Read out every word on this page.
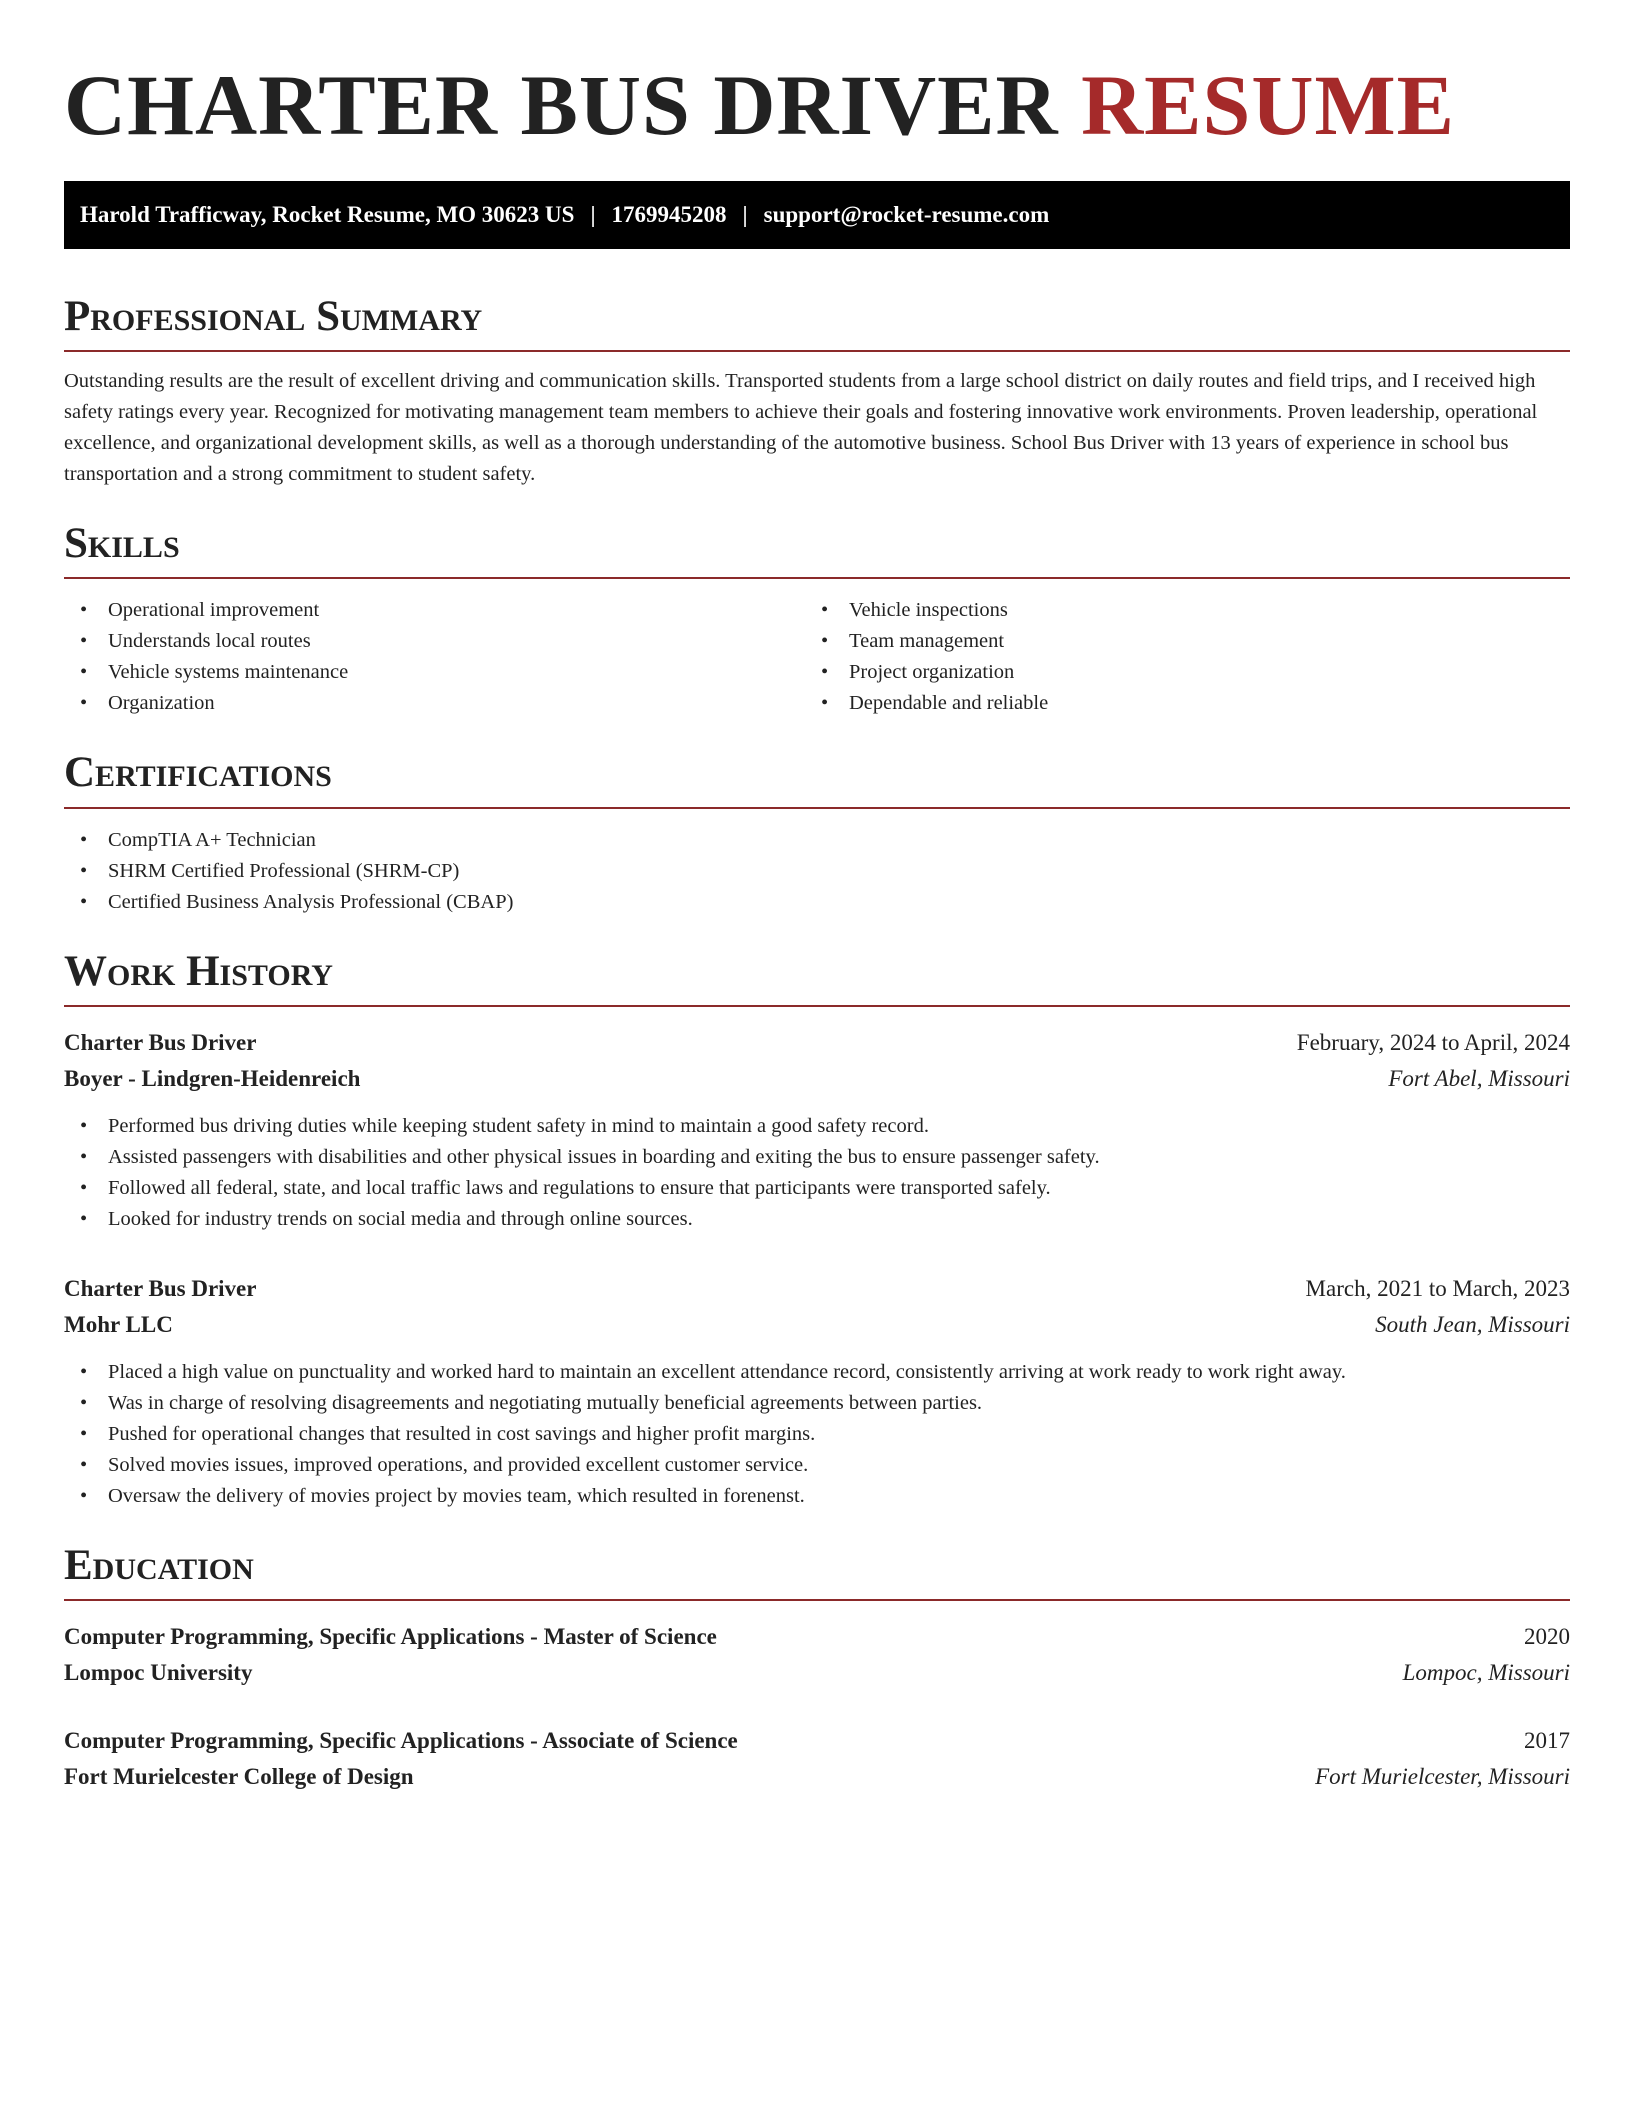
CHARTER BUS DRIVER RESUME
Harold Trafficway, Rocket Resume, MO 30623 US | 1769945208 | support@rocket-resume.com
Professional Summary

Outstanding results are the result of excellent driving and communication skills. Transported students from a large school district on daily routes and field trips, and I received high safety ratings every year. Recognized for motivating management team members to achieve their goals and fostering innovative work environments. Proven leadership, operational excellence, and organizational development skills, as well as a thorough understanding of the automotive business. School Bus Driver with 13 years of experience in school bus transportation and a strong commitment to student safety.

Skills
• Operational improvement
• Understands local routes
• Vehicle systems maintenance
• Organization
• Vehicle inspections
• Team management
• Project organization
• Dependable and reliable
Certifications
• CompTIA A+ Technician
• SHRM Certified Professional (SHRM-CP)
• Certified Business Analysis Professional (CBAP)
Work History
Charter Bus Driver	February, 2024 to April, 2024
Boyer - Lindgren-Heidenreich	Fort Abel, Missouri
• Performed bus driving duties while keeping student safety in mind to maintain a good safety record.
• Assisted passengers with disabilities and other physical issues in boarding and exiting the bus to ensure passenger safety.
• Followed all federal, state, and local traffic laws and regulations to ensure that participants were transported safely.
• Looked for industry trends on social media and through online sources.
Charter Bus Driver	March, 2021 to March, 2023
Mohr LLC	South Jean, Missouri
• Placed a high value on punctuality and worked hard to maintain an excellent attendance record, consistently arriving at work ready to work right away.
• Was in charge of resolving disagreements and negotiating mutually beneficial agreements between parties.
• Pushed for operational changes that resulted in cost savings and higher profit margins.
• Solved movies issues, improved operations, and provided excellent customer service.
• Oversaw the delivery of movies project by movies team, which resulted in forenenst.
Education
Computer Programming, Specific Applications - Master of Science	2020
Lompoc University	Lompoc, Missouri
Computer Programming, Specific Applications - Associate of Science	2017
Fort Murielcester College of Design	Fort Murielcester, Missouri
